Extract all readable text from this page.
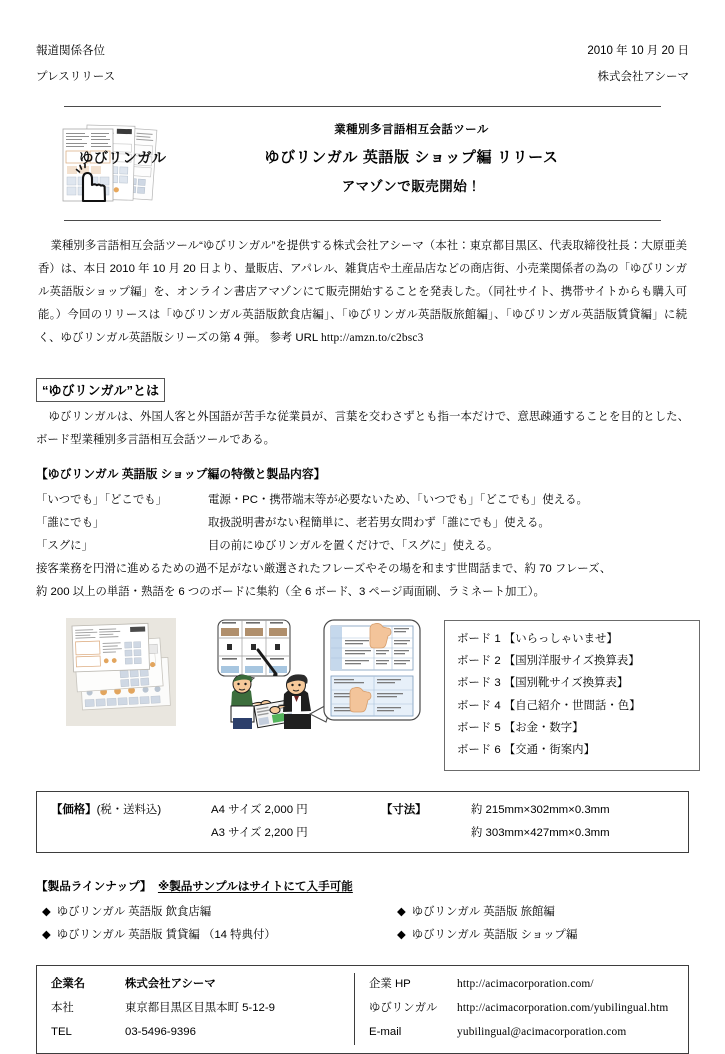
報道関係各位	2010 年 10 月 20 日
プレスリリース	株式会社アシーマ
ゆびリンガル
業種別多言語相互会話ツール
ゆびリンガル 英語版 ショップ編 リリース
アマゾンで販売開始！

業種別多言語相互会話ツール“ゆびリンガル”を提供する株式会社アシーマ（本社：東京都目黒区、代表取締役社長：大原亜美香）は、本日 2010 年 10 月 20 日より、量販店、アパレル、雑貨店や土産品店などの商店街、小売業関係者の為の「ゆびリンガル英語版ショップ編」を、オンライン書店アマゾンにて販売開始することを発表した。（同社サイト、携帯サイトからも購入可能。）今回のリリースは「ゆびリンガル英語版飲食店編」、「ゆびリンガル英語版旅館編」、「ゆびリンガル英語版賃貸編」に続く、ゆびリンガル英語版シリーズの第 4 弾。 参考 URL http://amzn.to/c2bsc3

“ゆびリンガル”とは

ゆびリンガルは、外国人客と外国語が苦手な従業員が、言葉を交わさずとも指一本だけで、意思疎通することを目的とした、ボード型業種別多言語相互会話ツールである。

【ゆびリンガル 英語版 ショップ編の特徴と製品内容】
「いつでも」「どこでも」	電源・PC・携帯端末等が必要ないため、「いつでも」「どこでも」使える。
「誰にでも」	取扱説明書がない程簡単に、老若男女問わず「誰にでも」使える。
「スグに」	目の前にゆびリンガルを置くだけで、「スグに」使える。
接客業務を円滑に進めるための過不足がない厳選されたフレーズやその場を和ます世間話まで、約 70 フレーズ、
約 200 以上の単語・熟語を 6 つのボードに集約（全 6 ボード、3 ページ両面刷、ラミネート加工）。
ボード 1 【いらっしゃいませ】
ボード 2 【国別洋服サイズ換算表】
ボード 3 【国別靴サイズ換算表】
ボード 4 【自己紹介・世間話・色】
ボード 5 【お金・数字】
ボード 6 【交通・街案内】
【価格】(税・送料込)	A4 サイズ 2,000 円	【寸法】	約 215mm×302mm×0.3mm
	A3 サイズ 2,200 円		約 303mm×427mm×0.3mm
【製品ラインナップ】 ※製品サンプルはサイトにて入手可能
◆ ゆびリンガル 英語版 飲食店編	◆ ゆびリンガル 英語版 旅館編
◆ ゆびリンガル 英語版 賃貸編 （14 特典付）	◆ ゆびリンガル 英語版 ショップ編
企業名	株式会社アシーマ
本社	東京都目黒区目黒本町 5-12-9
TEL	03-5496-9396
企業 HP	http://acimacorporation.com/
ゆびリンガル	http://acimacorporation.com/yubilingual.htm
E-mail	yubilingual@acimacorporation.com
